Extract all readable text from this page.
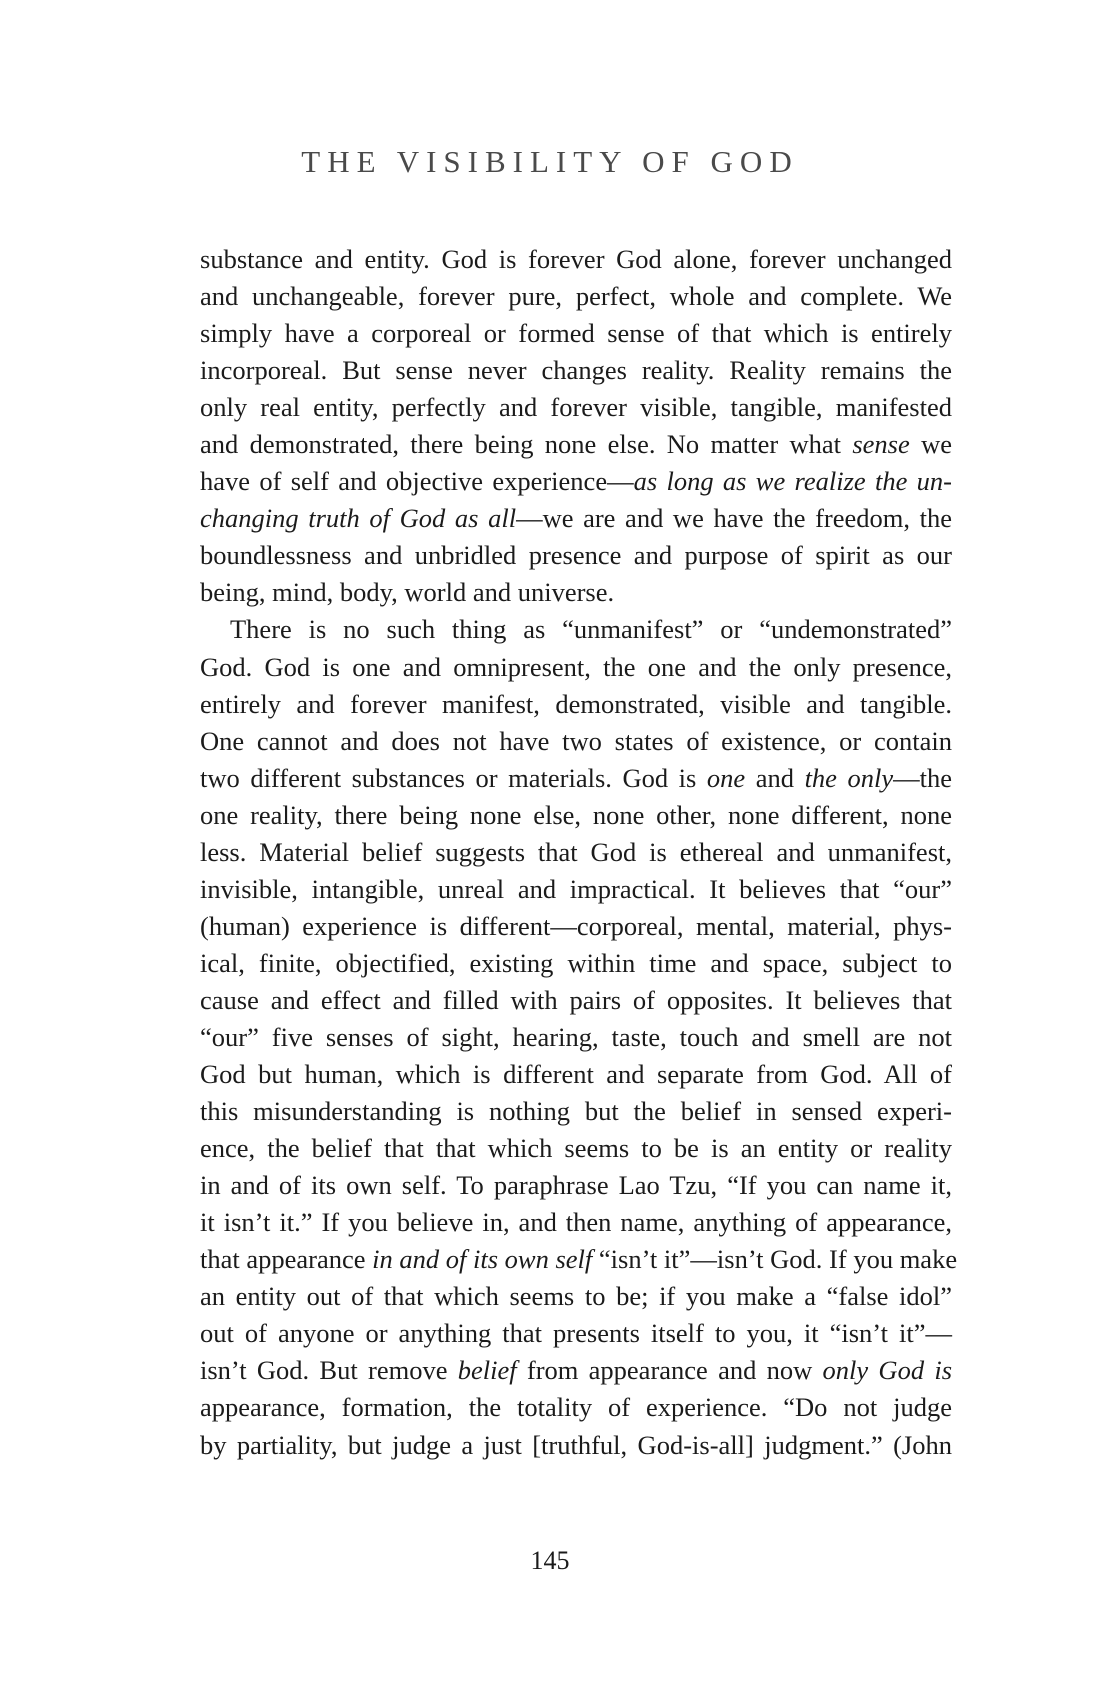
THE VISIBILITY OF GOD
substance and entity. God is forever God alone, forever unchanged
and unchangeable, forever pure, perfect, whole and complete. We
simply have a corporeal or formed sense of that which is entirely
incorporeal. But sense never changes reality. Reality remains the
only real entity, perfectly and forever visible, tangible, manifested
and demonstrated, there being none else. No matter what sense we
have of self and objective experience—as long as we realize the un-
changing truth of God as all—we are and we have the freedom, the
boundlessness and unbridled presence and purpose of spirit as our
being, mind, body, world and universe.
There is no such thing as “unmanifest” or “undemonstrated”
God. God is one and omnipresent, the one and the only presence,
entirely and forever manifest, demonstrated, visible and tangible.
One cannot and does not have two states of existence, or contain
two different substances or materials. God is one and the only—the
one reality, there being none else, none other, none different, none
less. Material belief suggests that God is ethereal and unmanifest,
invisible, intangible, unreal and impractical. It believes that “our”
(human) experience is different—corporeal, mental, material, phys-
ical, finite, objectified, existing within time and space, subject to
cause and effect and filled with pairs of opposites. It believes that
“our” five senses of sight, hearing, taste, touch and smell are not
God but human, which is different and separate from God. All of
this misunderstanding is nothing but the belief in sensed experi-
ence, the belief that that which seems to be is an entity or reality
in and of its own self. To paraphrase Lao Tzu, “If you can name it,
it isn’t it.” If you believe in, and then name, anything of appearance,
that appearance in and of its own self “isn’t it”—isn’t God. If you make
an entity out of that which seems to be; if you make a “false idol”
out of anyone or anything that presents itself to you, it “isn’t it”—
isn’t God. But remove belief from appearance and now only God is
appearance, formation, the totality of experience. “Do not judge
by partiality, but judge a just [truthful, God-is-all] judgment.” (John
145
